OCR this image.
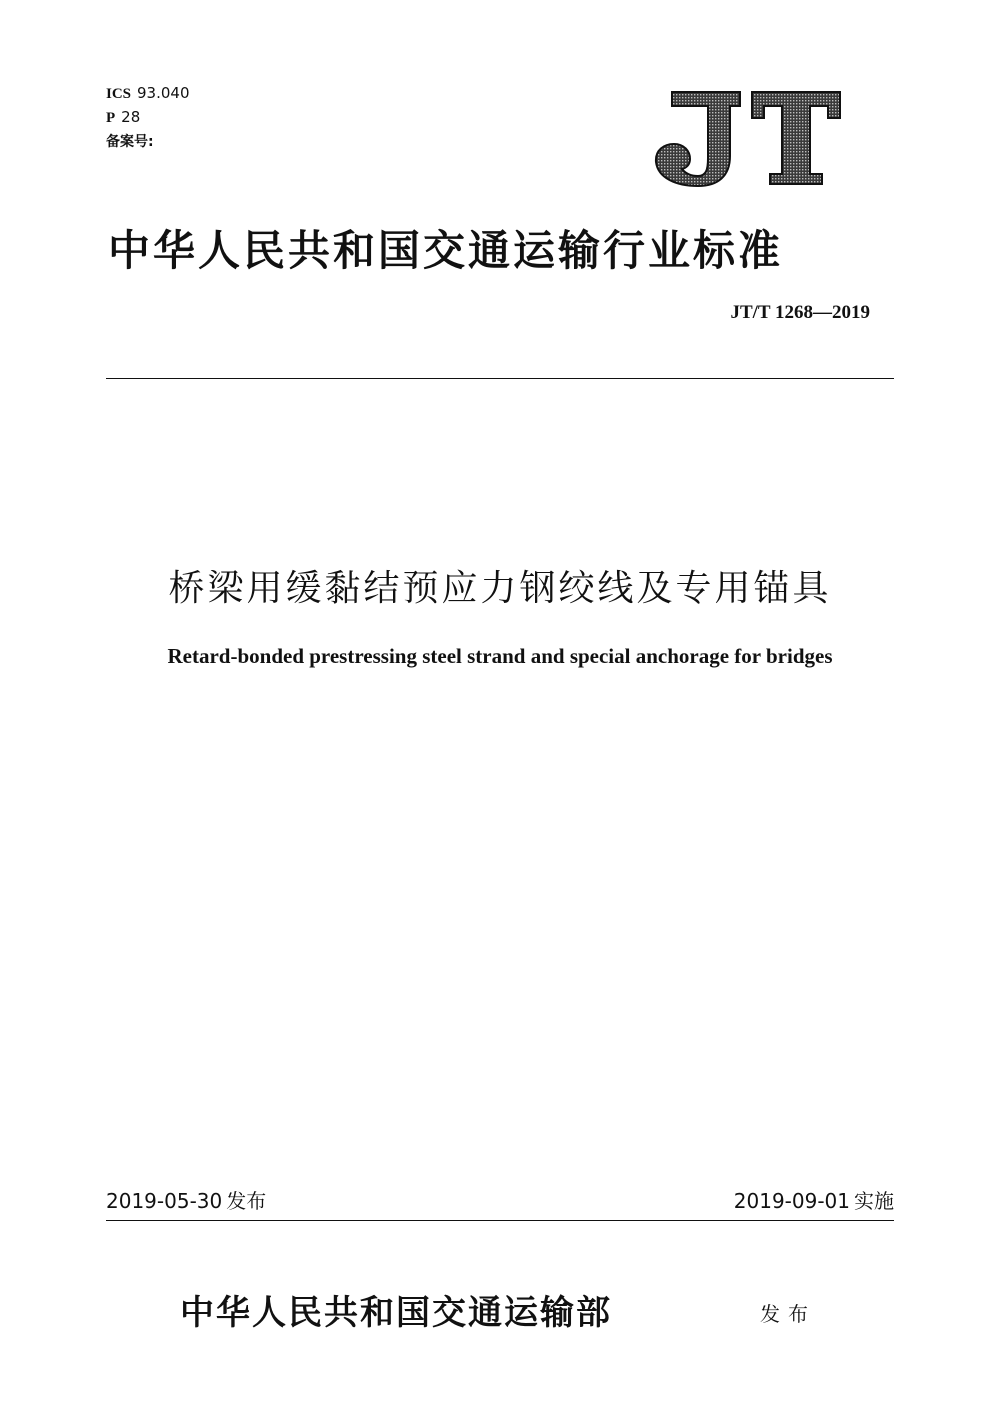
ICS 93.040
P 28
备案号:
中华人民共和国交通运输行业标准
JT/T 1268—2019
桥梁用缓黏结预应力钢绞线及专用锚具
Retard-bonded prestressing steel strand and special anchorage for bridges
2019-05-30 发布	2019-09-01 实施
中华人民共和国交通运输部	发布
